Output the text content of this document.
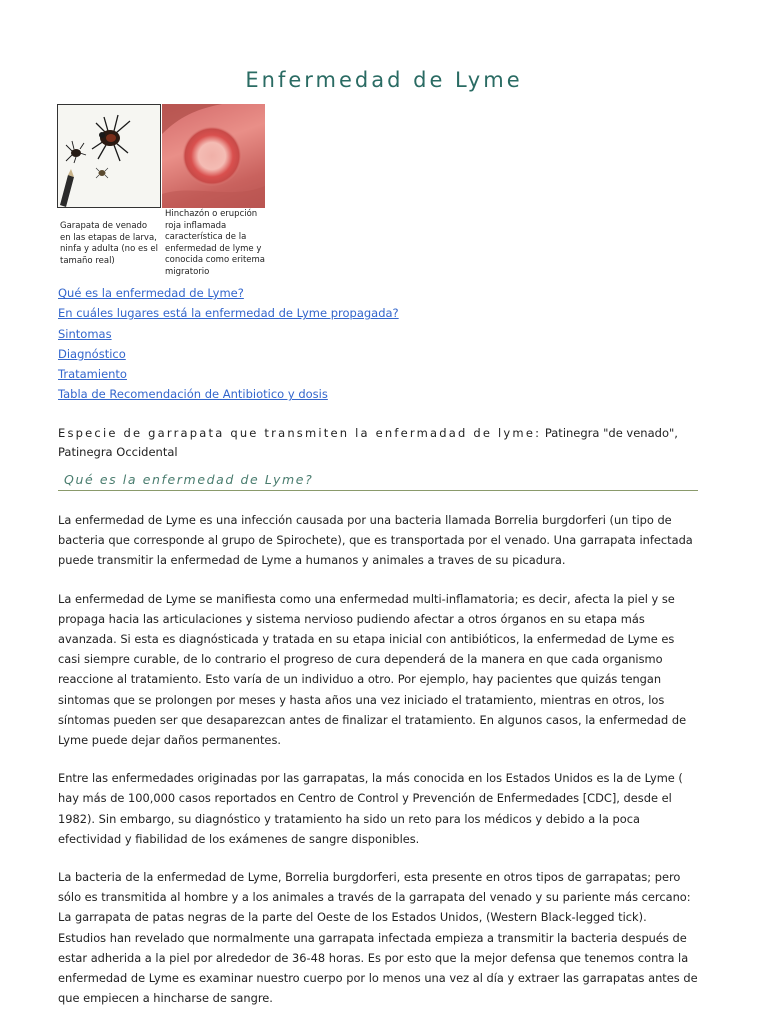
Enfermedad de Lyme
Garapata de venado en las etapas de larva, ninfa y adulta (no es el tamaño real)
Hinchazón o erupción roja inflamada característica de la enfermedad de lyme y conocida como eritema migratorio
Qué es la enfermedad de Lyme?
En cuáles lugares está la enfermedad de Lyme propagada?
Sintomas
Diagnóstico
Tratamiento
Tabla de Recomendación de Antibiotico y dosis
Especie de garrapata que transmiten la enfermadad de lyme: Patinegra "de venado", Patinegra Occidental
Qué es la enfermedad de Lyme?

La enfermedad de Lyme es una infección causada por una bacteria llamada Borrelia burgdorferi (un tipo de bacteria que corresponde al grupo de Spirochete), que es transportada por el venado. Una garrapata infectada puede transmitir la enfermedad de Lyme a humanos y animales a traves de su picadura.

La enfermedad de Lyme se manifiesta como una enfermedad multi-inflamatoria; es decir, afecta la piel y se propaga hacia las articulaciones y sistema nervioso pudiendo afectar a otros órganos en su etapa más avanzada. Si esta es diagnósticada y tratada en su etapa inicial con antibióticos, la enfermedad de Lyme es casi siempre curable, de lo contrario el progreso de cura dependerá de la manera en que cada organismo reaccione al tratamiento. Esto varía de un individuo a otro. Por ejemplo, hay pacientes que quizás tengan sintomas que se prolongen por meses y hasta años una vez iniciado el tratamiento, mientras en otros, los síntomas pueden ser que desaparezcan antes de finalizar el tratamiento. En algunos casos, la enfermedad de Lyme puede dejar daños permanentes.

Entre las enfermedades originadas por las garrapatas, la más conocida en los Estados Unidos es la de Lyme ( hay más de 100,000 casos reportados en Centro de Control y Prevención de Enfermedades [CDC], desde el 1982). Sin embargo, su diagnóstico y tratamiento ha sido un reto para los médicos y debido a la poca efectividad y fiabilidad de los exámenes de sangre disponibles.

La bacteria de la enfermedad de Lyme, Borrelia burgdorferi, esta presente en otros tipos de garrapatas; pero sólo es transmitida al hombre y a los animales a través de la garrapata del venado y su pariente más cercano: La garrapata de patas negras de la parte del Oeste de los Estados Unidos, (Western Black-legged tick). Estudios han revelado que normalmente una garrapata infectada empieza a transmitir la bacteria después de estar adherida a la piel por alrededor de 36-48 horas. Es por esto que la mejor defensa que tenemos contra la enfermedad de Lyme es examinar nuestro cuerpo por lo menos una vez al día y extraer las garrapatas antes de que empiecen a hincharse de sangre.
